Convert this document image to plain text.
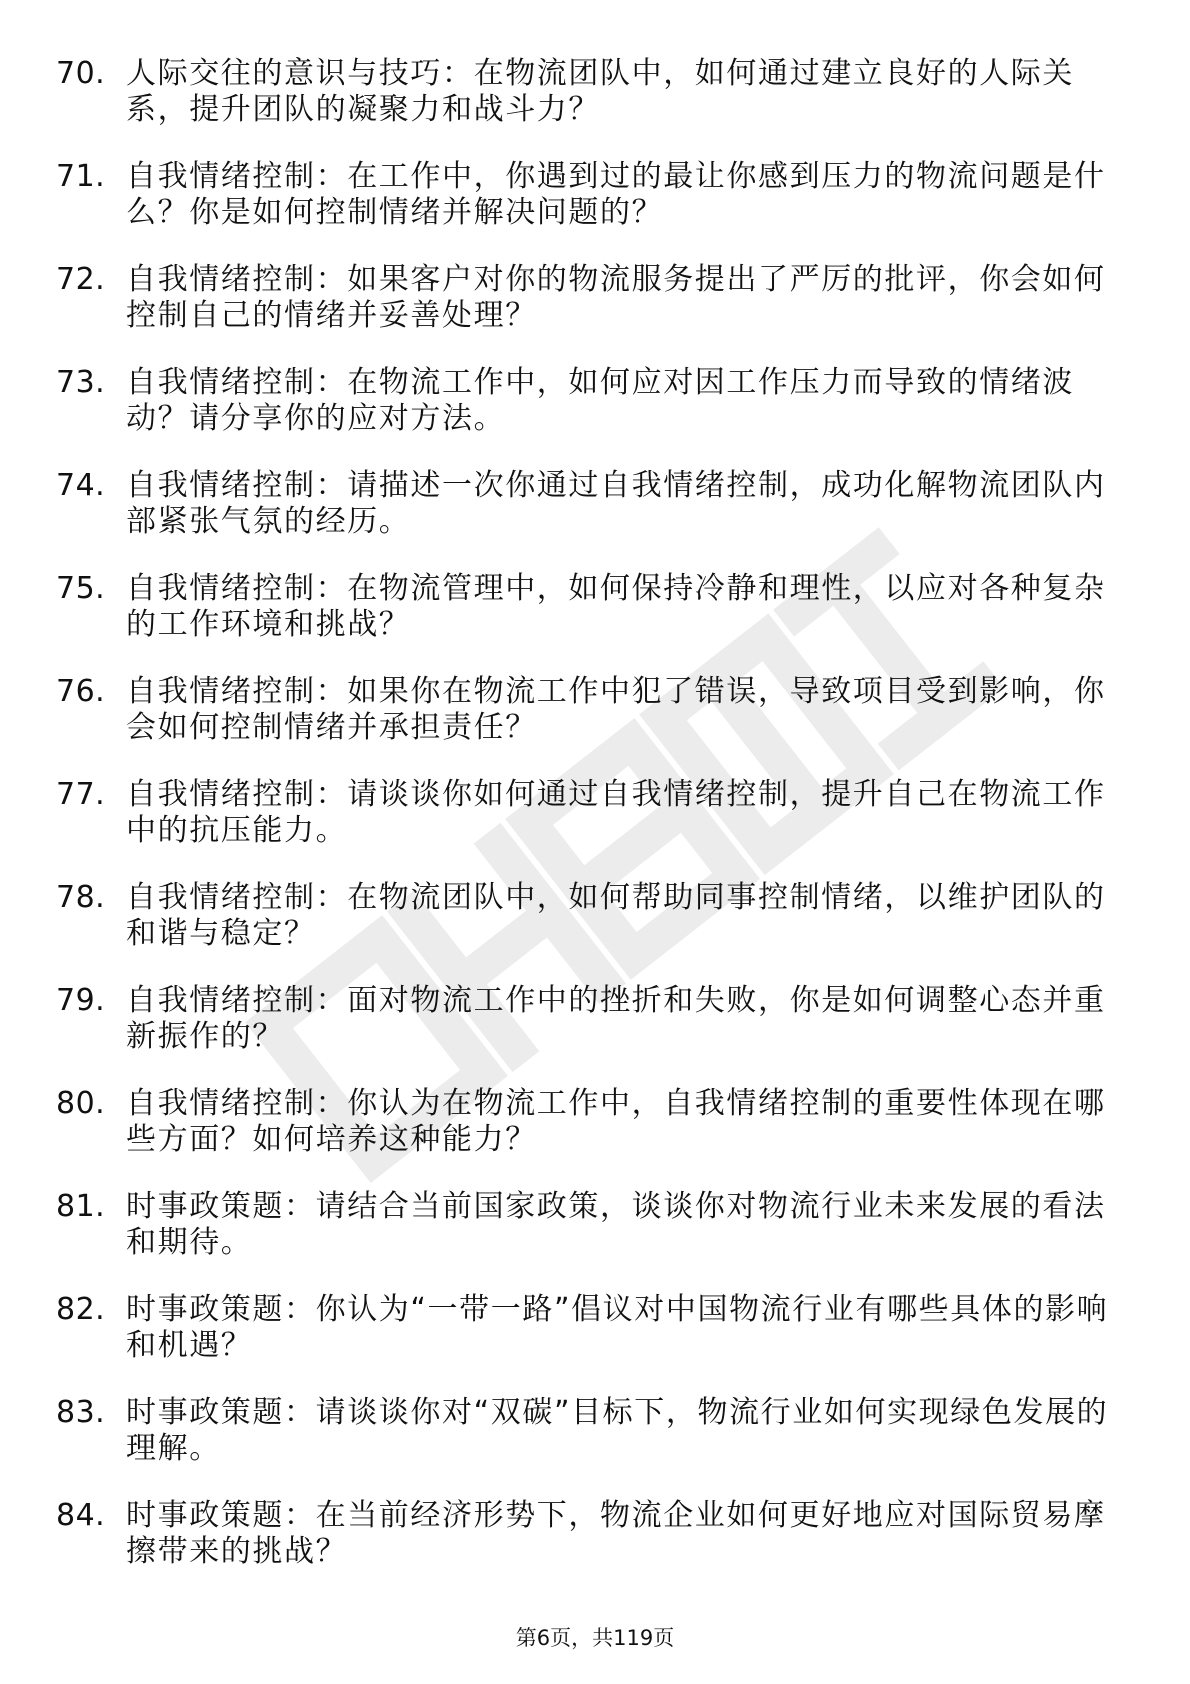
70. 人际交往的意识与技巧：在物流团队中，如何通过建立良好的人际关系，提升团队的凝聚力和战斗力？
71. 自我情绪控制：在工作中，你遇到过的最让你感到压力的物流问题是什么？你是如何控制情绪并解决问题的？
72. 自我情绪控制：如果客户对你的物流服务提出了严厉的批评，你会如何控制自己的情绪并妥善处理？
73. 自我情绪控制：在物流工作中，如何应对因工作压力而导致的情绪波动？请分享你的应对方法。
74. 自我情绪控制：请描述一次你通过自我情绪控制，成功化解物流团队内部紧张气氛的经历。
75. 自我情绪控制：在物流管理中，如何保持冷静和理性，以应对各种复杂的工作环境和挑战？
76. 自我情绪控制：如果你在物流工作中犯了错误，导致项目受到影响，你会如何控制情绪并承担责任？
77. 自我情绪控制：请谈谈你如何通过自我情绪控制，提升自己在物流工作中的抗压能力。
78. 自我情绪控制：在物流团队中，如何帮助同事控制情绪，以维护团队的和谐与稳定？
79. 自我情绪控制：面对物流工作中的挫折和失败，你是如何调整心态并重新振作的？
80. 自我情绪控制：你认为在物流工作中，自我情绪控制的重要性体现在哪些方面？如何培养这种能力？
81. 时事政策题：请结合当前国家政策，谈谈你对物流行业未来发展的看法和期待。
82. 时事政策题：你认为“一带一路”倡议对中国物流行业有哪些具体的影响和机遇？
83. 时事政策题：请谈谈你对“双碳”目标下，物流行业如何实现绿色发展的理解。
84. 时事政策题：在当前经济形势下，物流企业如何更好地应对国际贸易摩擦带来的挑战？
第6页，共119页
